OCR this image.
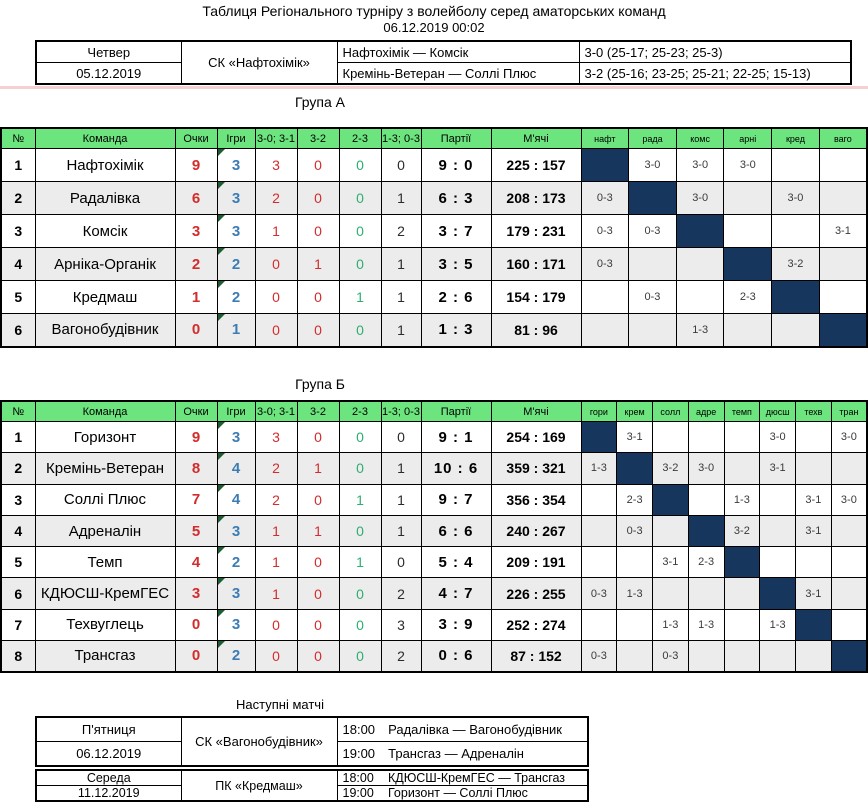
Таблиця Регіонального турніру з волейболу серед аматорських команд
06.12.2019 00:02
Четвер	СК «Нафтохімік»	Нафтохімік — Комсік	3-0 (25-17; 25-23; 25-3)
05.12.2019		Кремінь-Ветеран — Соллі Плюс	3-2 (25-16; 23-25; 25-21; 22-25; 15-13)
Група А
№	Команда	Очки	Ігри	3-0; 3-1	3-2	2-3	1-3; 0-3	Партії	М'ячі	нафт	рада	комс	арні	кред	ваго
1	Нафтохімік	9	3	3	0	0	0	9 : 0	225 : 157		3-0	3-0	3-0		
2	Радалівка	6	3	2	0	0	1	6 : 3	208 : 173	0-3		3-0		3-0	
3	Комсік	3	3	1	0	0	2	3 : 7	179 : 231	0-3	0-3				3-1
4	Арніка-Органік	2	2	0	1	0	1	3 : 5	160 : 171	0-3				3-2	
5	Кредмаш	1	2	0	0	1	1	2 : 6	154 : 179		0-3		2-3		
6	Вагонобудівник	0	1	0	0	0	1	1 : 3	81 : 96			1-3			
Група Б
№	Команда	Очки	Ігри	3-0; 3-1	3-2	2-3	1-3; 0-3	Партії	М'ячі	гори	крем	солл	адре	темп	дюсш	техв	тран
1	Горизонт	9	3	3	0	0	0	9 : 1	254 : 169		3-1				3-0		3-0
2	Кремінь-Ветеран	8	4	2	1	0	1	10 : 6	359 : 321	1-3		3-2	3-0		3-1		
3	Соллі Плюс	7	4	2	0	1	1	9 : 7	356 : 354		2-3			1-3		3-1	3-0
4	Адреналін	5	3	1	1	0	1	6 : 6	240 : 267		0-3			3-2		3-1	
5	Темп	4	2	1	0	1	0	5 : 4	209 : 191			3-1	2-3				
6	КДЮСШ-КремГЕС	3	3	1	0	0	2	4 : 7	226 : 255	0-3	1-3					3-1	
7	Техвуглець	0	3	0	0	0	3	3 : 9	252 : 274			1-3	1-3		1-3		
8	Трансгаз	0	2	0	0	0	2	0 : 6	87 : 152	0-3		0-3					
Наступні матчі
П'ятниця	СК «Вагонобудівник»	18:00 Радалівка — Вагонобудівник
06.12.2019		19:00 Трансгаз — Адреналін
Середа	ПК «Кредмаш»	18:00 КДЮСШ-КремГЕС — Трансгаз
11.12.2019		19:00 Горизонт — Соллі Плюс
